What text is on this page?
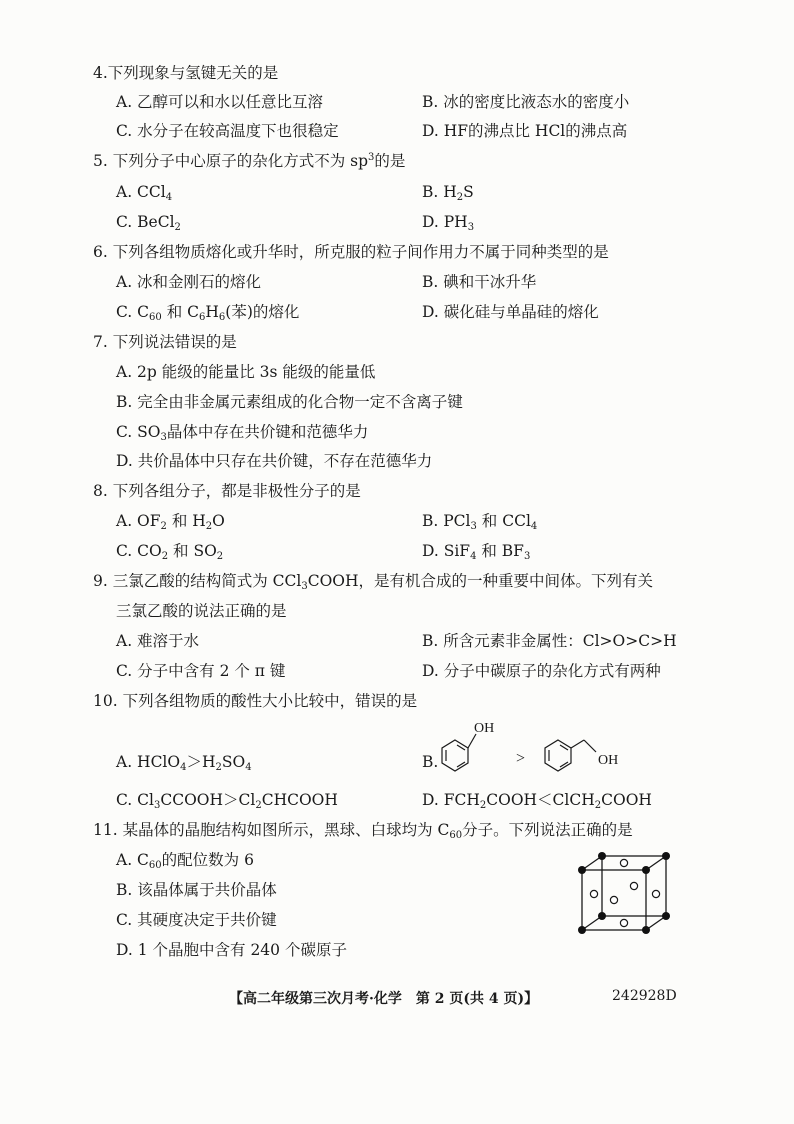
4.下列现象与氢键无关的是
A. 乙醇可以和水以任意比互溶	B. 冰的密度比液态水的密度小
C. 水分子在较高温度下也很稳定	D. HF的沸点比 HCl的沸点高
5. 下列分子中心原子的杂化方式不为 $sp^3$的是
A. CCl$_4$	B. $H_2S$
C. BeCl$_2$	D. $PH_3$
6. 下列各组物质熔化或升华时，所克服的粒子间作用力不属于同种类型的是
A. 冰和金刚石的熔化	B. 碘和干冰升华
C. $C_{60}$ 和 $C_6H_6$(苯)的熔化	D. 碳化硅与单晶硅的熔化
7. 下列说法错误的是
A. 2p 能级的能量比 3s 能级的能量低
B. 完全由非金属元素组成的化合物一定不含离子键
C. $SO_3$晶体中存在共价键和范德华力
D. 共价晶体中只存在共价键，不存在范德华力
8. 下列各组分子，都是非极性分子的是
A. $OF_2$ 和 $H_2O$	B. PCl$_3$ 和 CCl$_4$
C. $CO_2$ 和 $SO_2$	D. SiF$_4$ 和 $BF_3$
9. 三氯乙酸的结构简式为 CCl$_3$COOH，是有机合成的一种重要中间体。下列有关
三氯乙酸的说法正确的是
A. 难溶于水	B. 所含元素非金属性：Cl>O>C>H
C. 分子中含有 2 个 π 键	D. 分子中碳原子的杂化方式有两种
10. 下列各组物质的酸性大小比较中，错误的是
A. $HClO_4>H_2SO_4$	B.
OH
>	OH
C. $Cl_3CCOOH>Cl_2CHCOOH$	D. $FCH_2COOH<ClCH_2COOH$
11. 某晶体的晶胞结构如图所示，黑球、白球均为 $C_{60}$分子。下列说法正确的是
A. $C_{60}$的配位数为 6
B. 该晶体属于共价晶体
C. 其硬度决定于共价键
D. 1 个晶胞中含有 240 个碳原子
【高二年级第三次月考·化学　第 2 页(共 4 页)】	242928D
